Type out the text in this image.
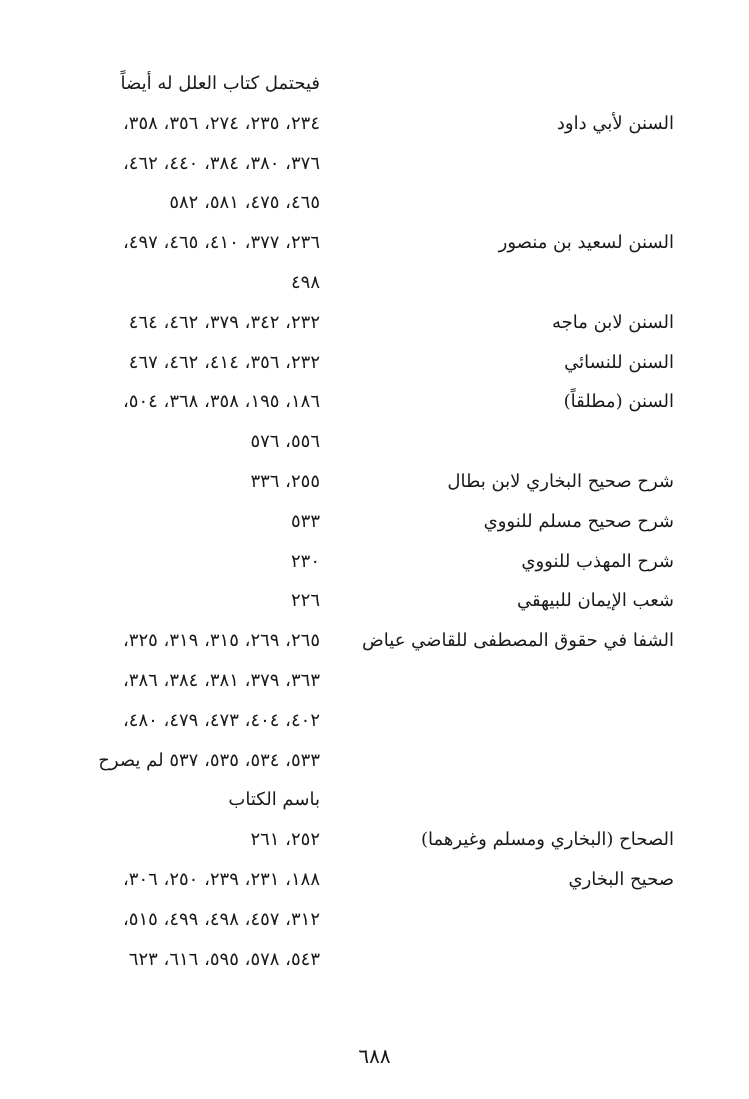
السنن لأبي داود
فيحتمل كتاب العلل له أيضاً
٢٣٤، ٢٣٥، ٢٧٤، ٣٥٦، ٣٥٨،
٣٧٦، ٣٨٠، ٣٨٤، ٤٤٠، ٤٦٢،
٤٦٥، ٤٧٥، ٥٨١، ٥٨٢
السنن لسعيد بن منصور
٢٣٦، ٣٧٧، ٤١٠، ٤٦٥، ٤٩٧،
٤٩٨
السنن لابن ماجه
٢٣٢، ٣٤٢، ٣٧٩، ٤٦٢، ٤٦٤
السنن للنسائي
٢٣٢، ٣٥٦، ٤١٤، ٤٦٢، ٤٦٧
السنن (مطلقاً)
١٨٦، ١٩٥، ٣٥٨، ٣٦٨، ٥٠٤،
٥٥٦، ٥٧٦
شرح صحيح البخاري لابن بطال
٢٥٥، ٣٣٦
شرح صحيح مسلم للنووي
٥٣٣
شرح المهذب للنووي
٢٣٠
شعب الإيمان للبيهقي
٢٢٦
الشفا في حقوق المصطفى للقاضي عياض
٢٦٥، ٢٦٩، ٣١٥، ٣١٩، ٣٢٥،
٣٦٣، ٣٧٩، ٣٨١، ٣٨٤، ٣٨٦،
٤٠٢، ٤٠٤، ٤٧٣، ٤٧٩، ٤٨٠،
٥٣٣، ٥٣٤، ٥٣٥، ٥٣٧ لم يصرح
باسم الكتاب
الصحاح (البخاري ومسلم وغيرهما)
٢٥٢، ٢٦١
صحيح البخاري
١٨٨، ٢٣١، ٢٣٩، ٢٥٠، ٣٠٦،
٣١٢، ٤٥٧، ٤٩٨، ٤٩٩، ٥١٥،
٥٤٣، ٥٧٨، ٥٩٥، ٦١٦، ٦٢٣
٦٨٨
